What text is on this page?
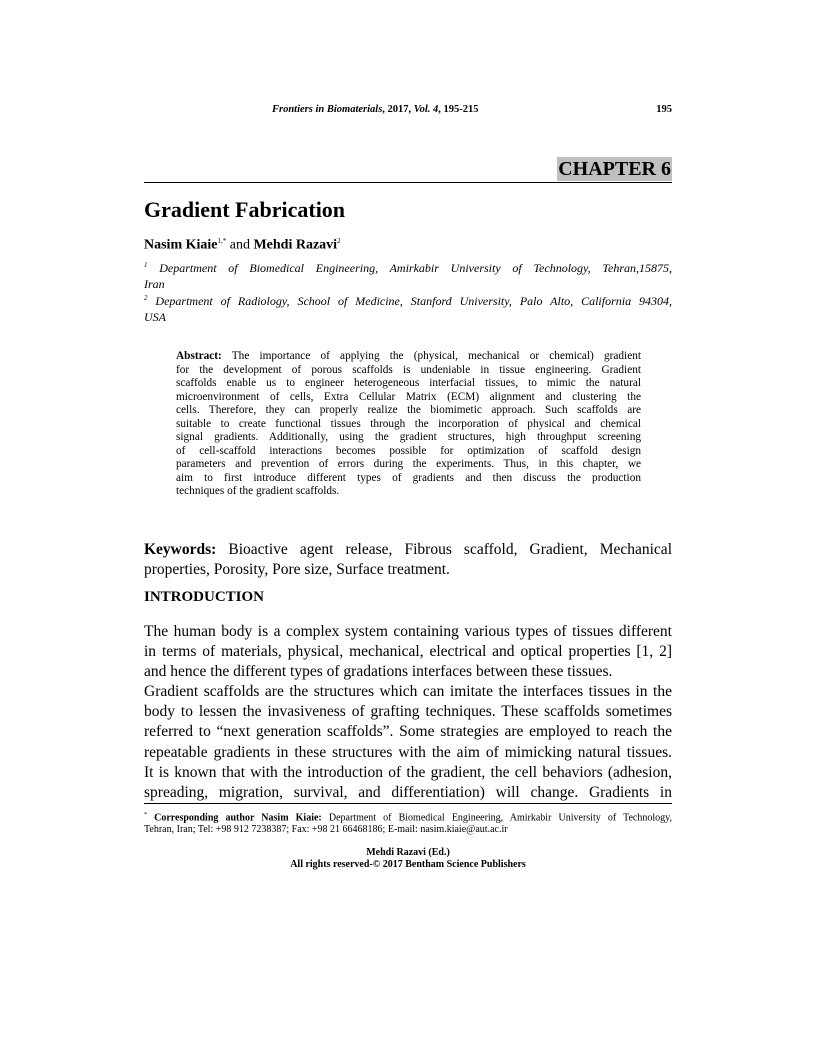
Frontiers in Biomaterials, 2017, Vol. 4, 195-215	195
CHAPTER 6
Gradient Fabrication
Nasim Kiaie$^{1,*}$ and Mehdi Razavi$^2$
$^1$ Department of Biomedical Engineering, Amirkabir University of Technology, Tehran,15875,
Iran
$^2$ Department of Radiology, School of Medicine, Stanford University, Palo Alto, California 94304,
USA
Abstract: The importance of applying the (physical, mechanical or chemical) gradient
for the development of porous scaffolds is undeniable in tissue engineering. Gradient
scaffolds enable us to engineer heterogeneous interfacial tissues, to mimic the natural
microenvironment of cells, Extra Cellular Matrix (ECM) alignment and clustering the
cells. Therefore, they can properly realize the biomimetic approach. Such scaffolds are
suitable to create functional tissues through the incorporation of physical and chemical
signal gradients. Additionally, using the gradient structures, high throughput screening
of cell-scaffold interactions becomes possible for optimization of scaffold design
parameters and prevention of errors during the experiments. Thus, in this chapter, we
aim to first introduce different types of gradients and then discuss the production
techniques of the gradient scaffolds.
Keywords: Bioactive agent release, Fibrous scaffold, Gradient, Mechanical
properties, Porosity, Pore size, Surface treatment.
INTRODUCTION
The human body is a complex system containing various types of tissues different
in terms of materials, physical, mechanical, electrical and optical properties [1, 2]
and hence the different types of gradations interfaces between these tissues.
Gradient scaffolds are the structures which can imitate the interfaces tissues in the
body to lessen the invasiveness of grafting techniques. These scaffolds sometimes
referred to “next generation scaffolds”. Some strategies are employed to reach the
repeatable gradients in these structures with the aim of mimicking natural tissues.
It is known that with the introduction of the gradient, the cell behaviors (adhesion,
spreading, migration, survival, and differentiation) will change. Gradients in
* Corresponding author Nasim Kiaie: Department of Biomedical Engineering, Amirkabir University of Technology,
Tehran, Iran; Tel: +98 912 7238387; Fax: +98 21 66468186; E-mail: nasim.kiaie@aut.ac.ir
Mehdi Razavi (Ed.)
All rights reserved-© 2017 Bentham Science Publishers
